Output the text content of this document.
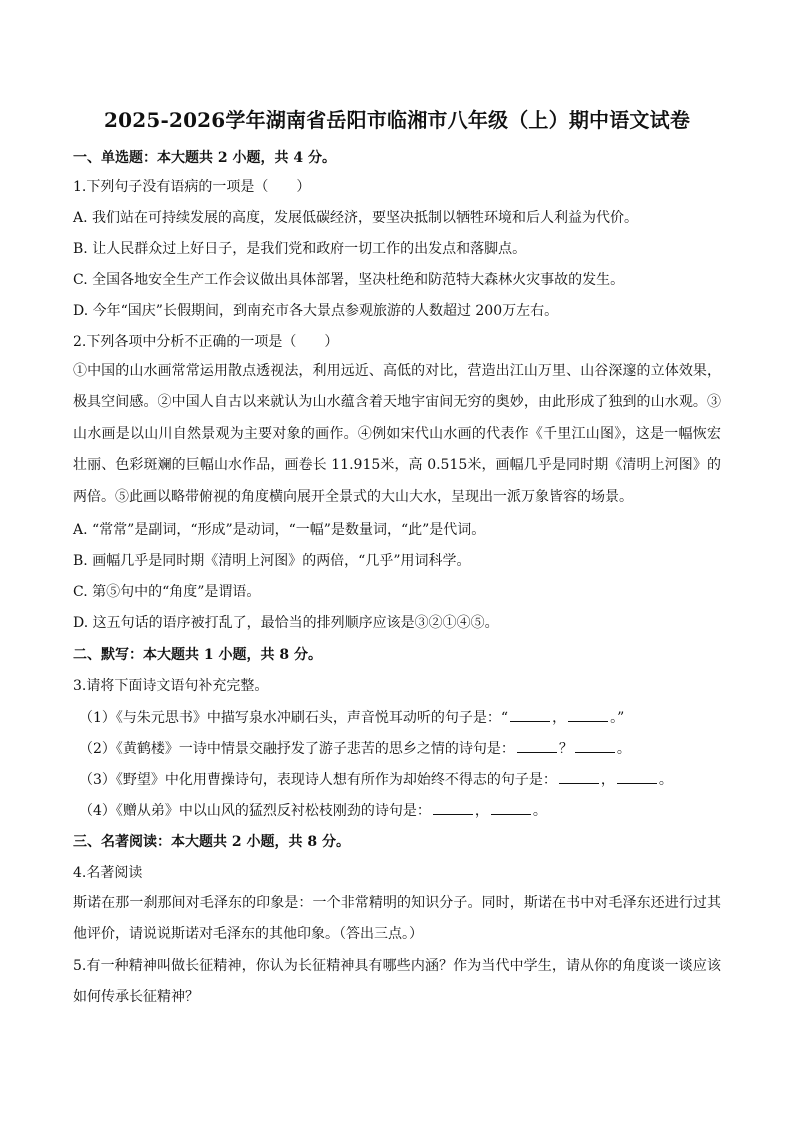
2025-2026学年湖南省岳阳市临湘市八年级（上）期中语文试卷
一、单选题：本大题共 2 小题，共 4 分。
1.下列句子没有语病的一项是（　　）
A. 我们站在可持续发展的高度，发展低碳经济，要坚决抵制以牺牲环境和后人利益为代价。
B. 让人民群众过上好日子，是我们党和政府一切工作的出发点和落脚点。
C. 全国各地安全生产工作会议做出具体部署，坚决杜绝和防范特大森林火灾事故的发生。
D. 今年“国庆”长假期间，到南充市各大景点参观旅游的人数超过 200万左右。
2.下列各项中分析不正确的一项是（　　）
①中国的山水画常常运用散点透视法，利用远近、高低的对比，营造出江山万里、山谷深邃的立体效果，极具空间感。②中国人自古以来就认为山水蕴含着天地宇宙间无穷的奥妙，由此形成了独到的山水观。③山水画是以山川自然景观为主要对象的画作。④例如宋代山水画的代表作《千里江山图》，这是一幅恢宏壮丽、色彩斑斓的巨幅山水作品，画卷长 11.915米，高 0.515米，画幅几乎是同时期《清明上河图》的两倍。⑤此画以略带俯视的角度横向展开全景式的大山大水，呈现出一派万象皆容的场景。
A. “常常”是副词，“形成”是动词，“一幅”是数量词，“此”是代词。
B. 画幅几乎是同时期《清明上河图》的两倍，“几乎”用词科学。
C. 第⑤句中的“角度”是谓语。
D. 这五句话的语序被打乱了，最恰当的排列顺序应该是③②①④⑤。
二、默写：本大题共 1 小题，共 8 分。
3.请将下面诗文语句补充完整。
（1）《与朱元思书》中描写泉水冲刷石头，声音悦耳动听的句子是：“	，	。”
（2）《黄鹤楼》一诗中情景交融抒发了游子悲苦的思乡之情的诗句是：	？	。
（3）《野望》中化用曹操诗句，表现诗人想有所作为却始终不得志的句子是：	，	。
（4）《赠从弟》中以山风的猛烈反衬松枝刚劲的诗句是：	，	。
三、名著阅读：本大题共 2 小题，共 8 分。
4.名著阅读
斯诺在那一刹那间对毛泽东的印象是：一个非常精明的知识分子。同时，斯诺在书中对毛泽东还进行过其他评价，请说说斯诺对毛泽东的其他印象。（答出三点。）
5.有一种精神叫做长征精神，你认为长征精神具有哪些内涵？作为当代中学生，请从你的角度谈一谈应该如何传承长征精神？
